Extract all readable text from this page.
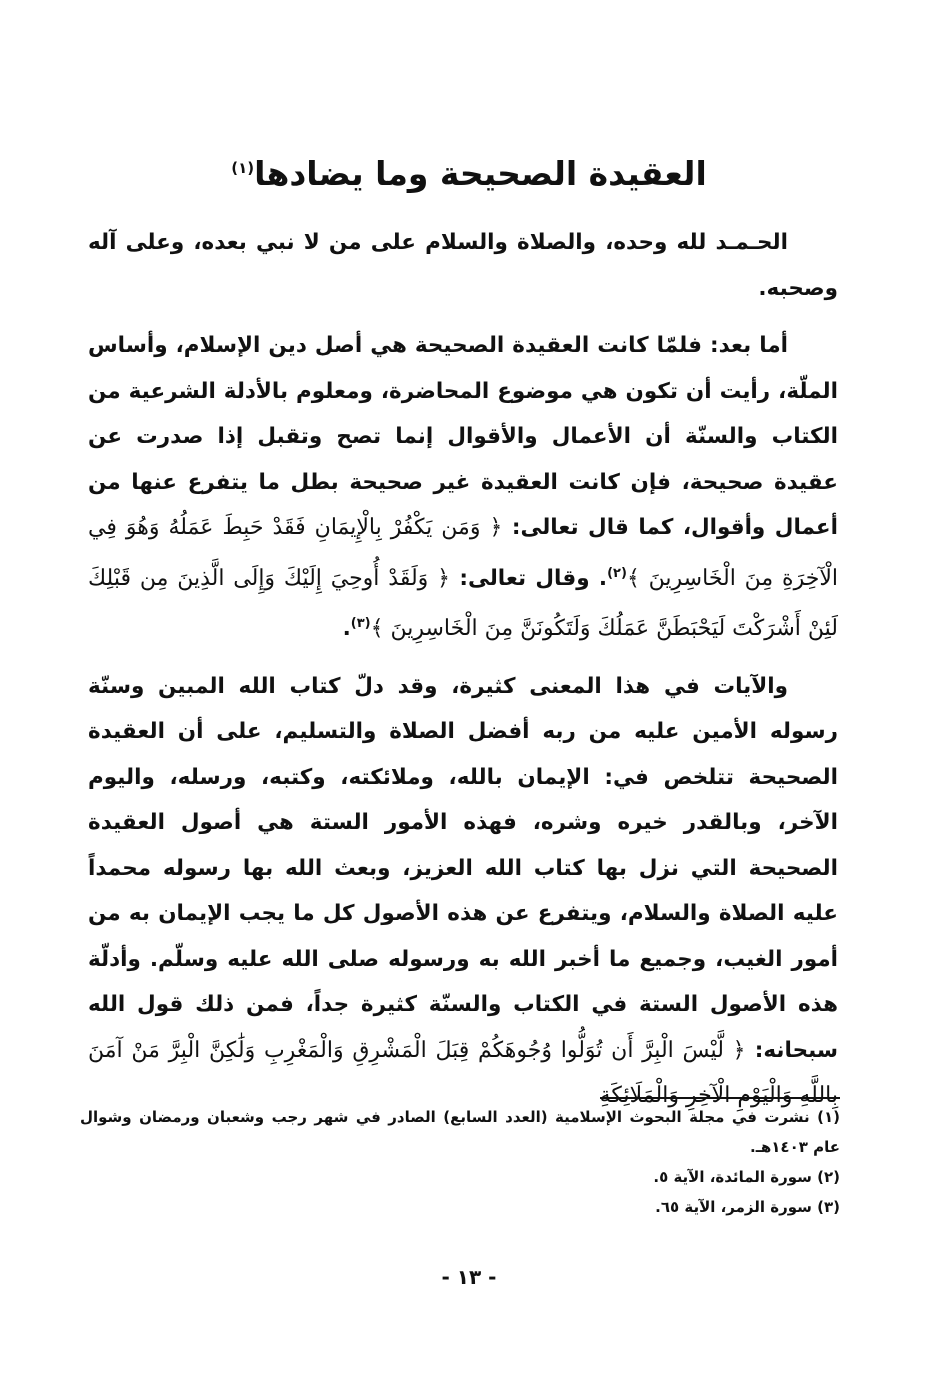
العقيدة الصحيحة وما يضادها$^{(١)}$

الحـمـد لله وحده، والصلاة والسلام على من لا نبي بعده، وعلى آله وصحبه.

أما بعد: فلمّا كانت العقيدة الصحيحة هي أصل دين الإسلام، وأساس الملّة، رأيت أن تكون هي موضوع المحاضرة، ومعلوم بالأدلة الشرعية من الكتاب والسنّة أن الأعمال والأقوال إنما تصح وتقبل إذا صدرت عن عقيدة صحيحة، فإن كانت العقيدة غير صحيحة بطل ما يتفرع عنها من أعمال وأقوال، كما قال تعالى: ﴿ وَمَن يَكْفُرْ بِالْإِيمَانِ فَقَدْ حَبِطَ عَمَلُهُ وَهُوَ فِي الْآخِرَةِ مِنَ الْخَاسِرِينَ ﴾$^{(٢)}$. وقال تعالى: ﴿ وَلَقَدْ أُوحِيَ إِلَيْكَ وَإِلَى الَّذِينَ مِن قَبْلِكَ لَئِنْ أَشْرَكْتَ لَيَحْبَطَنَّ عَمَلُكَ وَلَتَكُونَنَّ مِنَ الْخَاسِرِينَ ﴾$^{(٣)}$.

والآيات في هذا المعنى كثيرة، وقد دلّ كتاب الله المبين وسنّة رسوله الأمين عليه من ربه أفضل الصلاة والتسليم، على أن العقيدة الصحيحة تتلخص في: الإيمان بالله، وملائكته، وكتبه، ورسله، واليوم الآخر، وبالقدر خيره وشره، فهذه الأمور الستة هي أصول العقيدة الصحيحة التي نزل بها كتاب الله العزيز، وبعث الله بها رسوله محمداً عليه الصلاة والسلام، ويتفرع عن هذه الأصول كل ما يجب الإيمان به من أمور الغيب، وجميع ما أخبر الله به ورسوله صلى الله عليه وسلّم. وأدلّة هذه الأصول الستة في الكتاب والسنّة كثيرة جداً، فمن ذلك قول الله سبحانه: ﴿ لَّيْسَ الْبِرَّ أَن تُوَلُّوا وُجُوهَكُمْ قِبَلَ الْمَشْرِقِ وَالْمَغْرِبِ وَلَٰكِنَّ الْبِرَّ مَنْ آمَنَ بِاللَّهِ وَالْيَوْمِ الْآخِرِ وَالْمَلَائِكَةِ

(١) نشرت في مجلة البحوث الإسلامية (العدد السابع) الصادر في شهر رجب وشعبان ورمضان وشوال عام ١٤٠٣هـ.

(٢) سورة المائدة، الآية ٥.

(٣) سورة الزمر، الآية ٦٥.

- ١٣ -
